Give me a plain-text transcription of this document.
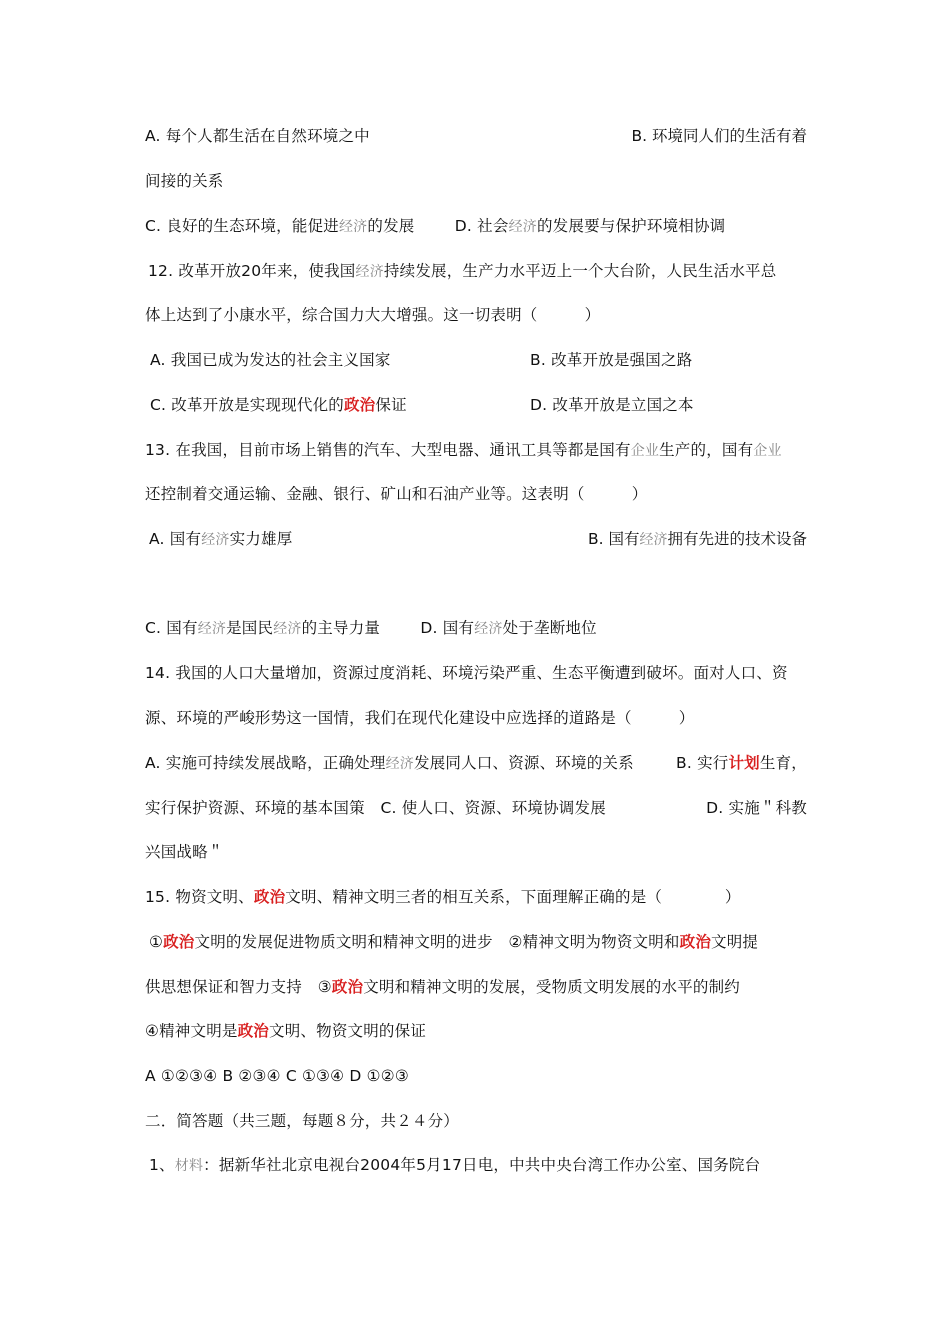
A. 每个人都生活在自然环境之中	B. 环境同人们的生活有着
间接的关系
C. 良好的生态环境，能促进经济的发展	D. 社会经济的发展要与保护环境相协调
12. 改革开放20年来，使我国经济持续发展，生产力水平迈上一个大台阶，人民生活水平总
体上达到了小康水平，综合国力大大增强。这一切表明（　　　）
A. 我国已成为发达的社会主义国家	B. 改革开放是强国之路
C. 改革开放是实现现代化的政治保证	D. 改革开放是立国之本
13. 在我国，目前市场上销售的汽车、大型电器、通讯工具等都是国有企业生产的，国有企业
还控制着交通运输、金融、银行、矿山和石油产业等。这表明（　　　）
A. 国有经济实力雄厚	B. 国有经济拥有先进的技术设备
C. 国有经济是国民经济的主导力量	D. 国有经济处于垄断地位
14. 我国的人口大量增加，资源过度消耗、环境污染严重、生态平衡遭到破坏。面对人口、资
源、环境的严峻形势这一国情，我们在现代化建设中应选择的道路是（　　　）
A. 实施可持续发展战略，正确处理经济发展同人口、资源、环境的关系	B. 实行计划生育，
实行保护资源、环境的基本国策　 C. 使人口、资源、环境协调发展	D. 实施＂科教
兴国战略＂
15. 物资文明、政治文明、精神文明三者的相互关系，下面理解正确的是（　　　　）
①政治文明的发展促进物质文明和精神文明的进步　②精神文明为物资文明和政治文明提
供思想保证和智力支持　③政治文明和精神文明的发展，受物质文明发展的水平的制约
④精神文明是政治文明、物资文明的保证
A ①②③④ B ②③④ C ①③④ D ①②③
二．简答题（共三题，每题８分，共２４分）
1、材料：据新华社北京电视台2004年5月17日电，中共中央台湾工作办公室、国务院台
